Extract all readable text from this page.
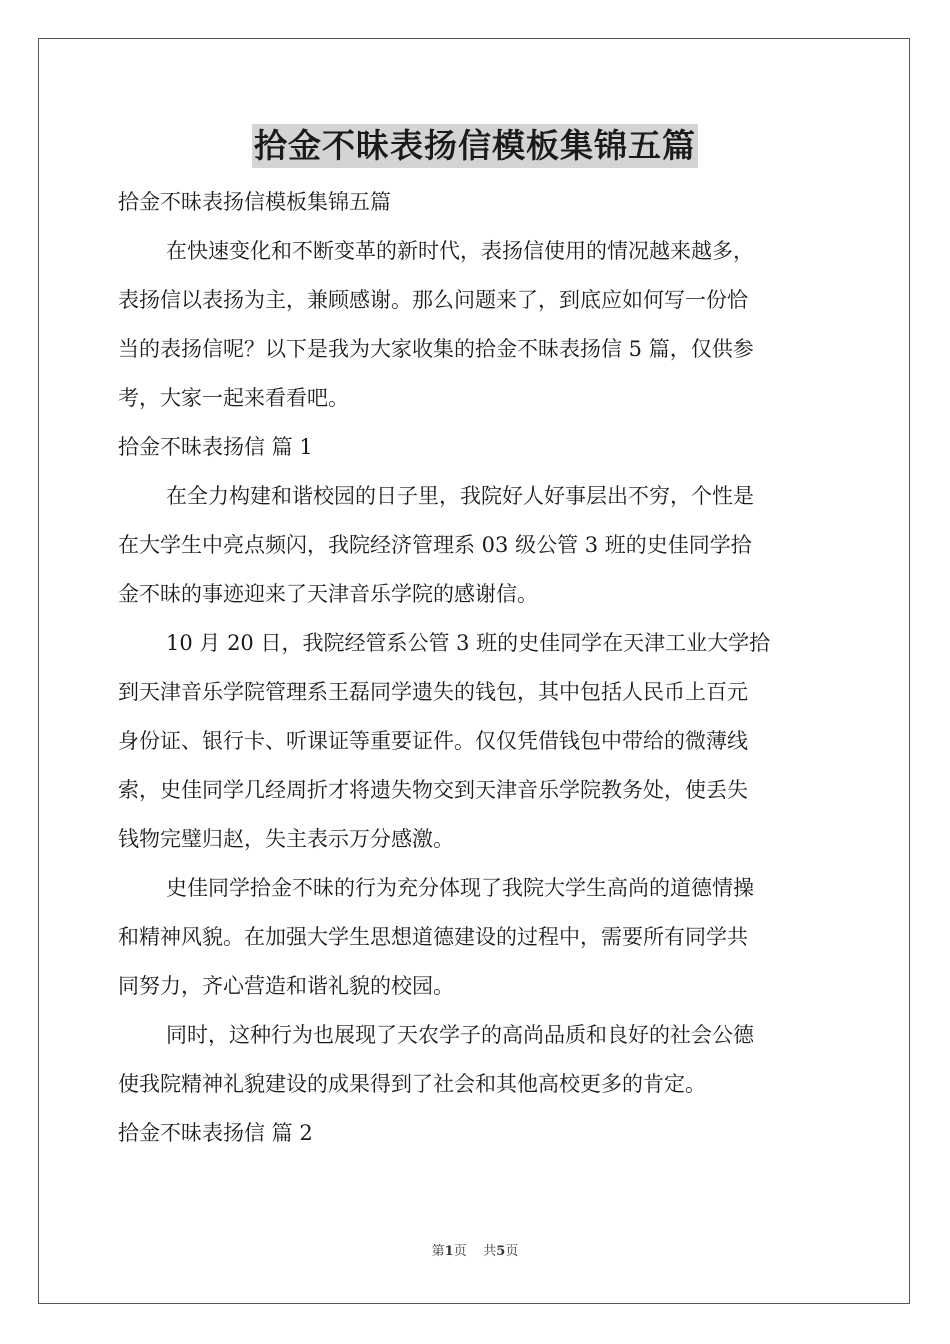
拾金不昧表扬信模板集锦五篇
拾金不昧表扬信模板集锦五篇
在快速变化和不断变革的新时代，表扬信使用的情况越来越多，
表扬信以表扬为主，兼顾感谢。那么问题来了，到底应如何写一份恰
当的表扬信呢？以下是我为大家收集的拾金不昧表扬信 5 篇，仅供参
考，大家一起来看看吧。
拾金不昧表扬信 篇 1
在全力构建和谐校园的日子里，我院好人好事层出不穷，个性是
在大学生中亮点频闪，我院经济管理系 03 级公管 3 班的史佳同学拾
金不昧的事迹迎来了天津音乐学院的感谢信。
10 月 20 日，我院经管系公管 3 班的史佳同学在天津工业大学拾
到天津音乐学院管理系王磊同学遗失的钱包，其中包括人民币上百元
身份证、银行卡、听课证等重要证件。仅仅凭借钱包中带给的微薄线
索，史佳同学几经周折才将遗失物交到天津音乐学院教务处，使丢失
钱物完璧归赵，失主表示万分感激。
史佳同学拾金不昧的行为充分体现了我院大学生高尚的道德情操
和精神风貌。在加强大学生思想道德建设的过程中，需要所有同学共
同努力，齐心营造和谐礼貌的校园。
同时，这种行为也展现了天农学子的高尚品质和良好的社会公德
使我院精神礼貌建设的成果得到了社会和其他高校更多的肯定。
拾金不昧表扬信 篇 2
第1页 共5页
